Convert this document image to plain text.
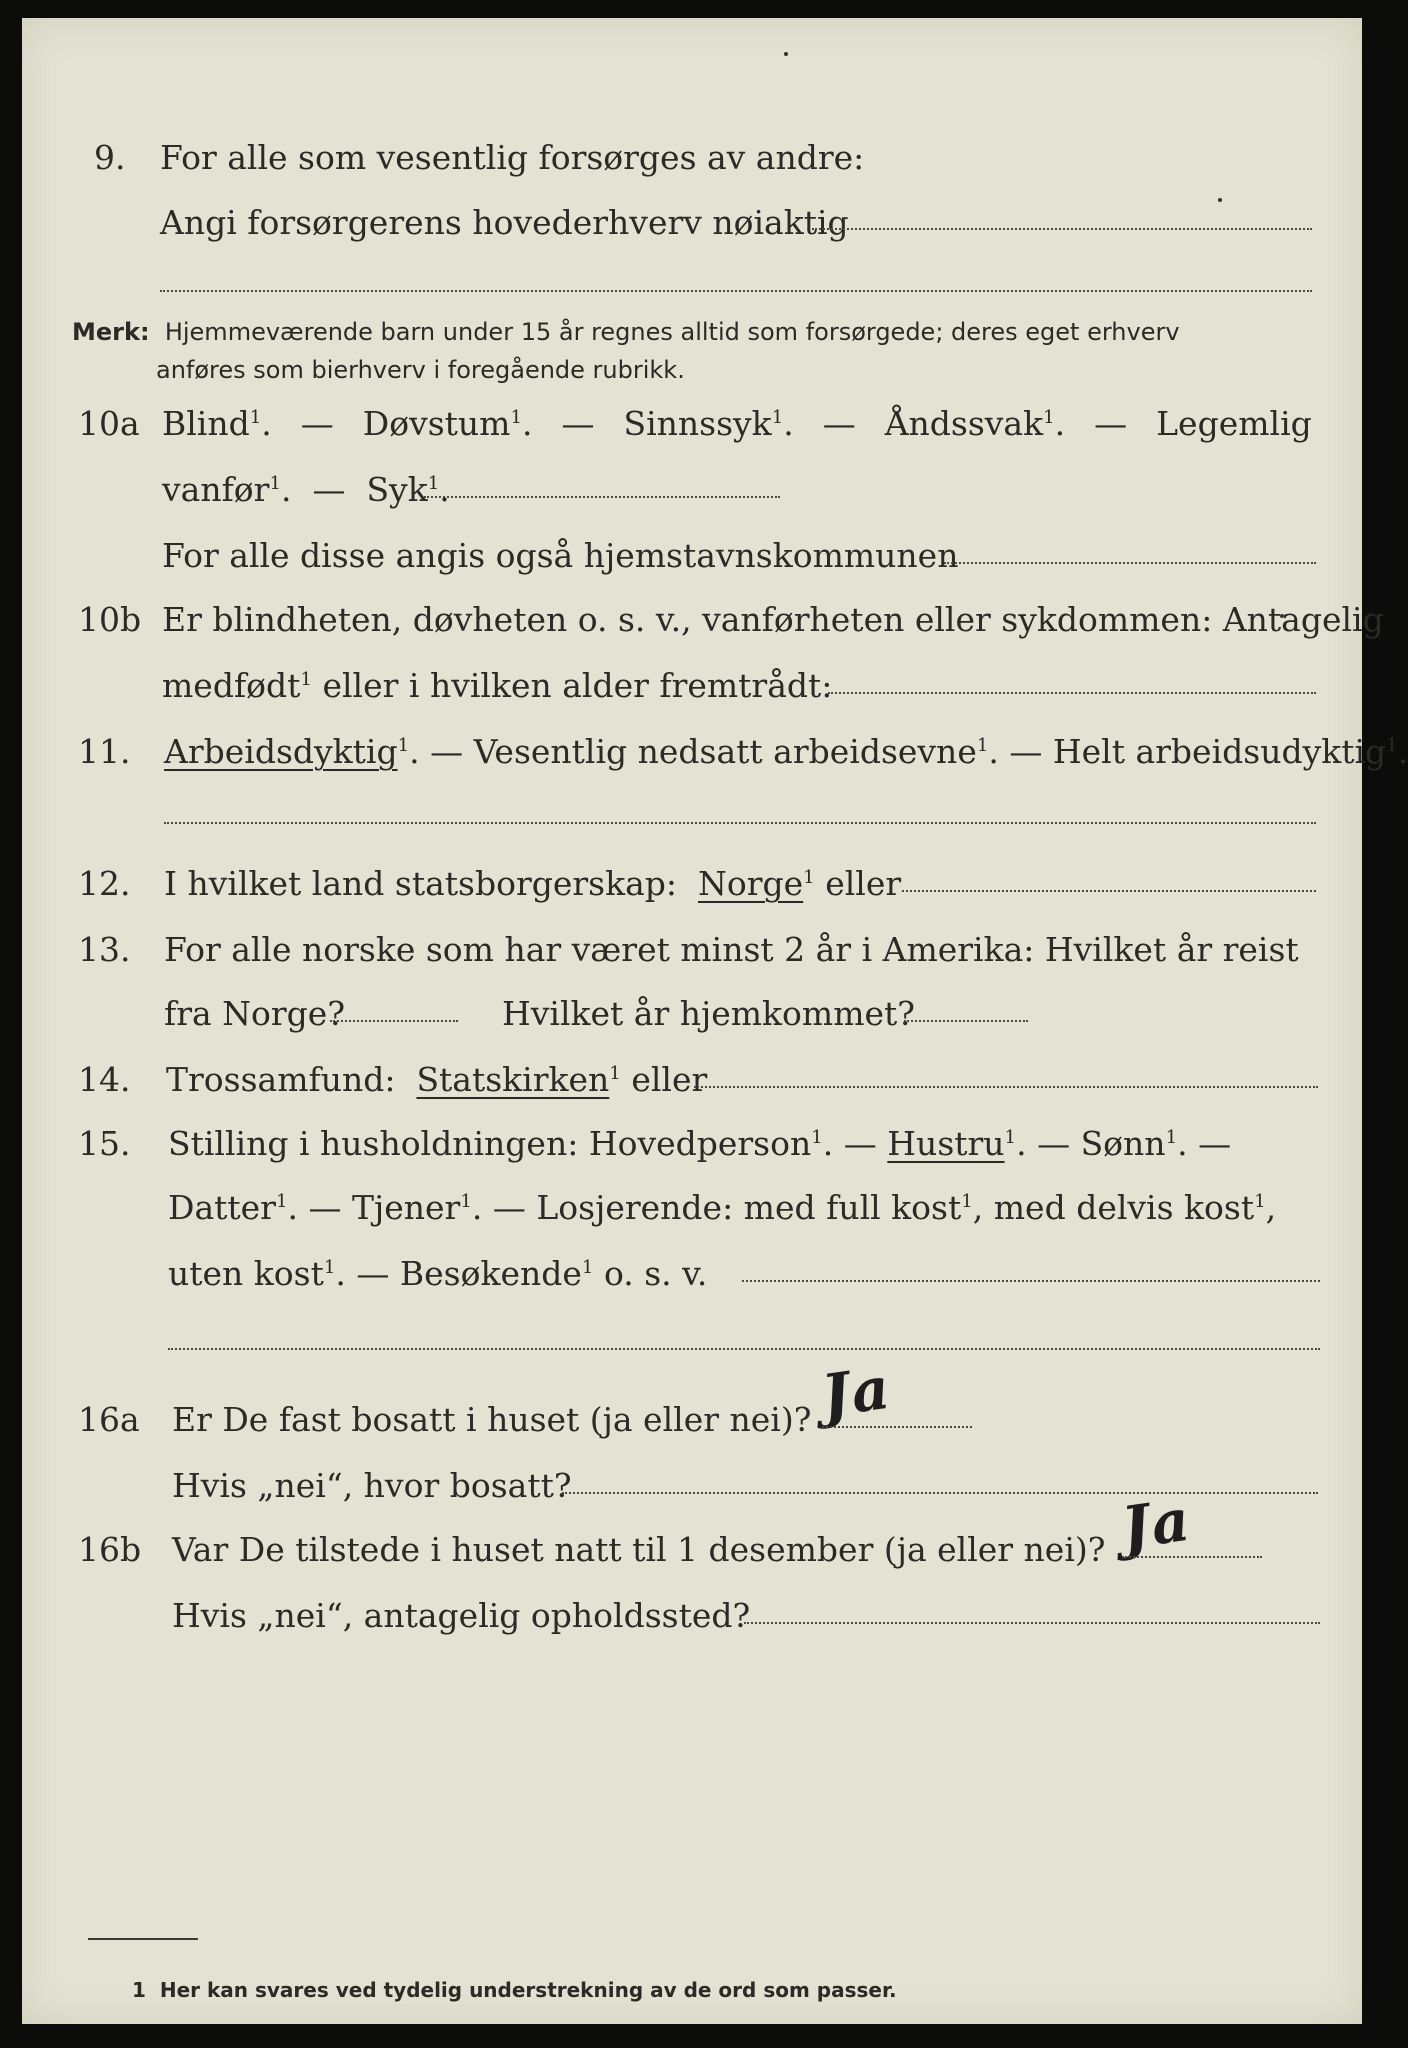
9. For alle som vesentlig forsørges av andre:
Angi forsørgerens hovederhverv nøiaktig
Merk: Hjemmeværende barn under 15 år regnes alltid som forsørgede; deres eget erhverv
anføres som bierhverv i foregående rubrikk.
10a Blind$^1$.  — Døvstum$^1$.  — Sinnssyk$^1$.  — Åndssvak$^1$.  — Legemlig
vanfør$^1$.  — Syk$^1$.
For alle disse angis også hjemstavnskommunen
10b Er blindheten, døvheten o. s. v., vanførheten eller sykdommen: Antagelig
medfødt$^1$ eller i hvilken alder fremtrådt:
11. Arbeidsdyktig$^1$. — Vesentlig nedsatt arbeidsevne$^1$. — Helt arbeidsudyktig$^1$.
12. I hvilket land statsborgerskap: Norge$^1$ eller
13. For alle norske som har været minst 2 år i Amerika: Hvilket år reist
fra Norge?	Hvilket år hjemkommet?
14. Trossamfund: Statskirken$^1$ eller
15. Stilling i husholdningen: Hovedperson$^1$. — Hustru$^1$. — Sønn$^1$. —
Datter$^1$. — Tjener$^1$. — Losjerende: med full kost$^1$, med delvis kost$^1$,
uten kost$^1$. — Besøkende$^1$ o. s. v.
16a Er De fast bosatt i huset (ja eller nei)? Ja
Hvis „nei“, hvor bosatt?
16b Var De tilstede i huset natt til 1 desember (ja eller nei)? Ja
Hvis „nei“, antagelig opholdssted?
1 Her kan svares ved tydelig understrekning av de ord som passer.
